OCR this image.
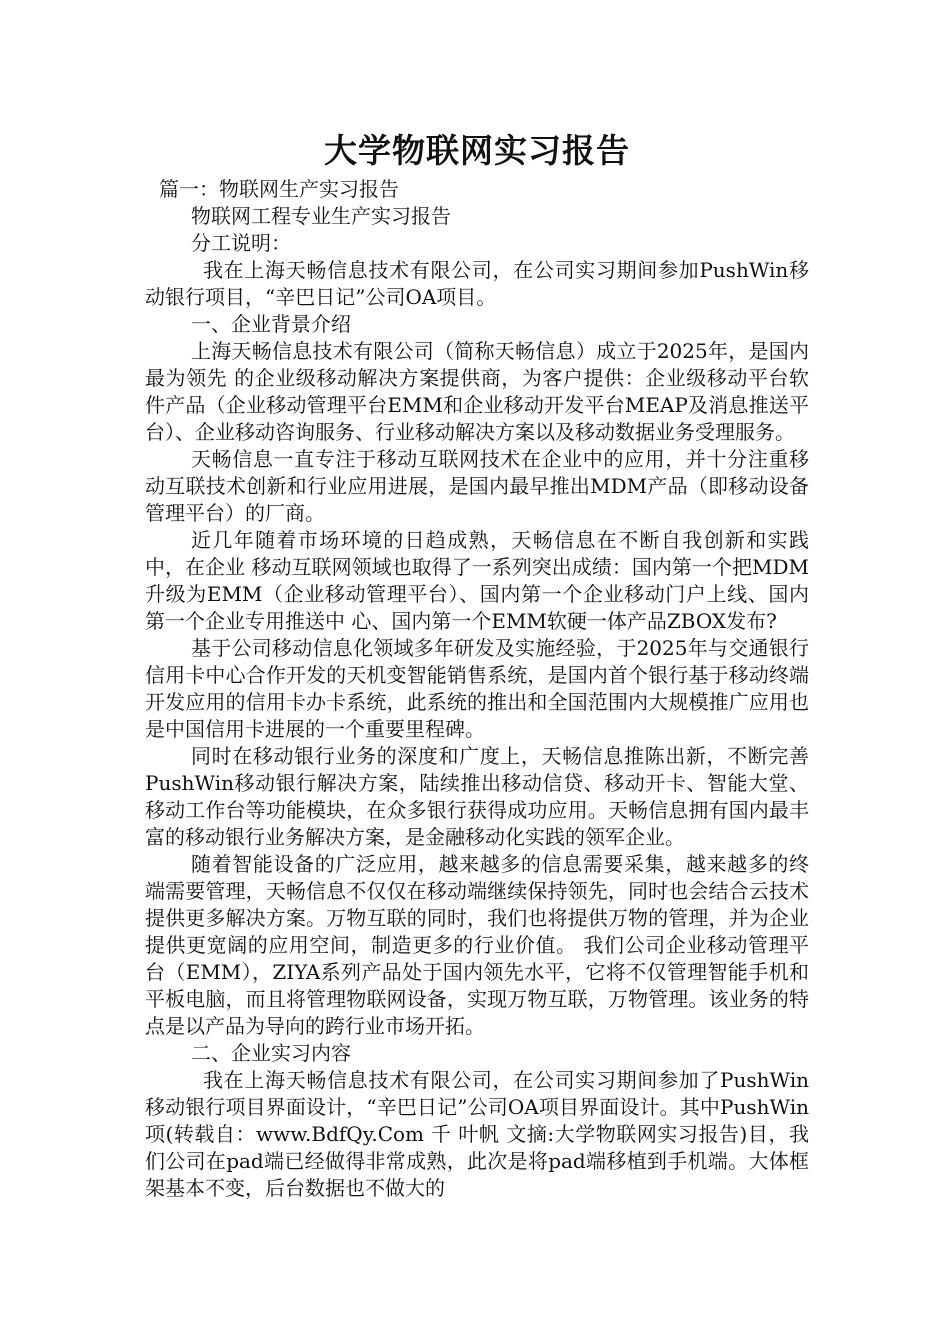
大学物联网实习报告

篇一：物联网生产实习报告

物联网工程专业生产实习报告

分工说明：

我在上海天畅信息技术有限公司，在公司实习期间参加PushWin移动银行项目，“辛巴日记”公司OA项目。

一、企业背景介绍

上海天畅信息技术有限公司（简称天畅信息）成立于2025年，是国内最为领先 的企业级移动解决方案提供商，为客户提供：企业级移动平台软件产品（企业移动管理平台EMM和企业移动开发平台MEAP及消息推送平台）、企业移动咨询服务、行业移动解决方案以及移动数据业务受理服务。

天畅信息一直专注于移动互联网技术在企业中的应用，并十分注重移动互联技术创新和行业应用进展，是国内最早推出MDM产品（即移动设备管理平台）的厂商。

近几年随着市场环境的日趋成熟，天畅信息在不断自我创新和实践中，在企业 移动互联网领域也取得了一系列突出成绩：国内第一个把MDM升级为EMM（企业移动管理平台）、国内第一个企业移动门户上线、国内第一个企业专用推送中 心、国内第一个EMM软硬一体产品ZBOX发布?

基于公司移动信息化领域多年研发及实施经验，于2025年与交通银行信用卡中心合作开发的天机变智能销售系统，是国内首个银行基于移动终端开发应用的信用卡办卡系统，此系统的推出和全国范围内大规模推广应用也是中国信用卡进展的一个重要里程碑。

同时在移动银行业务的深度和广度上，天畅信息推陈出新，不断完善PushWin移动银行解决方案，陆续推出移动信贷、移动开卡、智能大堂、移动工作台等功能模块，在众多银行获得成功应用。天畅信息拥有国内最丰富的移动银行业务解决方案，是金融移动化实践的领军企业。

随着智能设备的广泛应用，越来越多的信息需要采集，越来越多的终端需要管理，天畅信息不仅仅在移动端继续保持领先，同时也会结合云技术提供更多解决方案。万物互联的同时，我们也将提供万物的管理，并为企业提供更宽阔的应用空间，制造更多的行业价值。 我们公司企业移动管理平台（EMM），ZIYA系列产品处于国内领先水平，它将不仅管理智能手机和平板电脑，而且将管理物联网设备，实现万物互联，万物管理。该业务的特点是以产品为导向的跨行业市场开拓。

二、企业实习内容

我在上海天畅信息技术有限公司，在公司实习期间参加了PushWin移动银行项目界面设计，“辛巴日记”公司OA项目界面设计。其中PushWin项(转载自：www.BdfQy.Com 千 叶帆 文摘:大学物联网实习报告)目，我们公司在pad端已经做得非常成熟，此次是将pad端移植到手机端。大体框架基本不变，后台数据也不做大的
